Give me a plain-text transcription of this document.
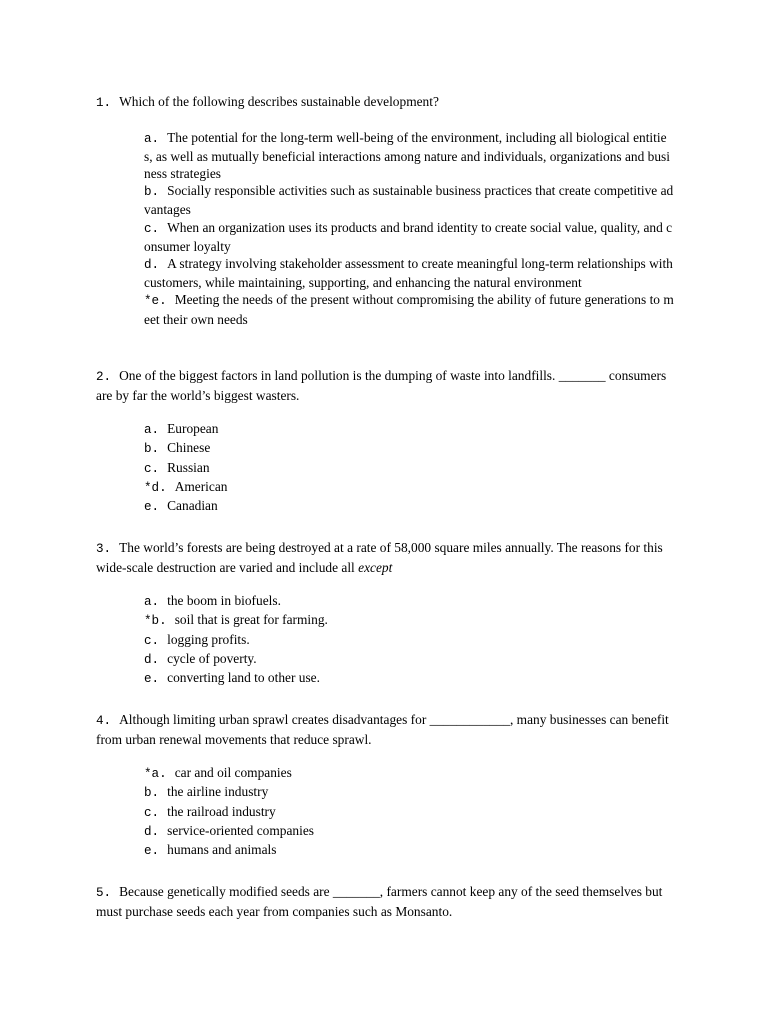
1. Which of the following describes sustainable development?
a. The potential for the long-term well-being of the environment, including all biological entities, as well as mutually beneficial interactions among nature and individuals, organizations and business strategies
b. Socially responsible activities such as sustainable business practices that create competitive advantages
c. When an organization uses its products and brand identity to create social value, quality, and consumer loyalty
d. A strategy involving stakeholder assessment to create meaningful long-term relationships with customers, while maintaining, supporting, and enhancing the natural environment
*e. Meeting the needs of the present without compromising the ability of future generations to meet their own needs
2. One of the biggest factors in land pollution is the dumping of waste into landfills. _______ consumers are by far the world’s biggest wasters.
a. European
b. Chinese
c. Russian
*d. American
e. Canadian
3. The world’s forests are being destroyed at a rate of 58,000 square miles annually. The reasons for this wide-scale destruction are varied and include all except
a. the boom in biofuels.
*b. soil that is great for farming.
c. logging profits.
d. cycle of poverty.
e. converting land to other use.
4. Although limiting urban sprawl creates disadvantages for ____________, many businesses can benefit from urban renewal movements that reduce sprawl.
*a. car and oil companies
b. the airline industry
c. the railroad industry
d. service-oriented companies
e. humans and animals
5. Because genetically modified seeds are _______, farmers cannot keep any of the seed themselves but must purchase seeds each year from companies such as Monsanto.
